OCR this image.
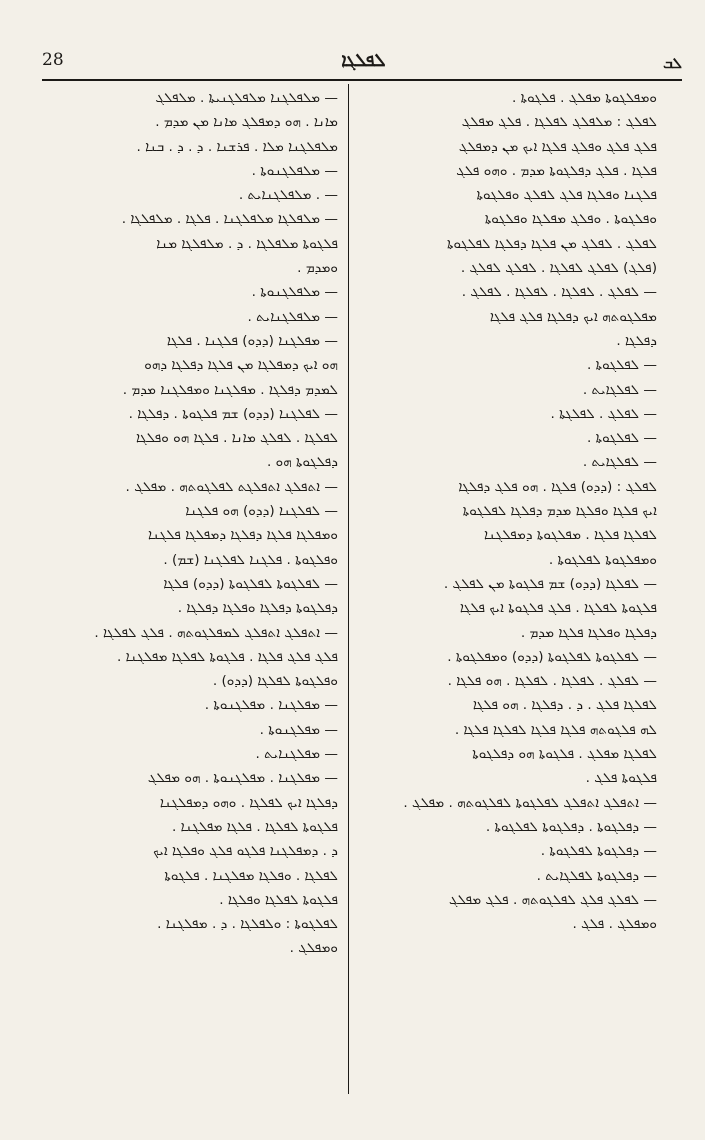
28	ܠܦܠܓܐ	ܠܒ
— ܡܠܦܠܓܢܐ ܡܠܦܠܓܢܝܬܐ . ܡܠܦܠܓ
ܡܐܢܐ . ܗܘ ܕܡܦܠܓ ܡܐܢܐ ܡܢ ܡܕܡ .
ܡܠܦܠܓܢܐ ܡܠܐ . ܦܪܫܢܐ . ܕ . ܕ . ܒܢܐ .
— ܡܠܦܠܓܢܘܬܐ .
— . ܡܠܦܠܓܢܐܝܬ .
— ܡܠܦܠܓܐ ܡܠܦܠܓܢܐ . ܦܠܓܐ . ܡܠܦܠܓܐ .
ܦܠܓܘܬܐ ܡܠܦܠܓܐ . ܕ . ܡܠܦܠܓܐ ܡܢܐ
ܘܡܕܡ .
— ܡܠܦܠܓܢܘܬܐ .
— ܡܠܦܠܓܢܐܝܬ .
— ܡܦܠܓܢܐ (ܕܕܘ) ܦܠܓܢܐ . ܦܠܓܐ
ܗܘ ܐܝܟ ܕܡܦܠܓܐ ܡܢ ܦܠܓܐ ܕܦܠܓܐ ܕܗܘ
ܠܡܕܡ ܕܦܠܓܐ . ܡܦܠܓܢܐ ܘܡܦܠܓܢܐ ܡܕܡ .
— ܠܦܠܓܢܐ (ܕܕܘ) ܫܡ ܦܠܓܘܬܐ . ܕܦܠܓܐ .
ܠܦܠܓܐ . ܠܦܠܓ ܡܐܢܐ . ܦܠܓܐ ܗܘ ܘܦܠܓܐ
ܕܦܠܓܘܬܐ ܗܘ .
— ܐܬܦܠܓ ܐܬܦܠܓܬ ܠܦܠܓܘܬܗ . ܡܦܠܓ .
— ܠܦܠܓܢܐ (ܕܕܘ) ܗܘ ܦܠܓܢܐ
ܘܡܦܠܓܐ ܦܠܓܐ ܕܦܠܓܐ ܕܡܦܠܓܐ ܦܠܓܢܐ
ܘܦܠܓܘܬܐ . ܦܠܓܢܐ ܠܦܠܓܢܐ (ܫܡ) .
— ܠܦܠܓܘܬܐ ܠܦܠܓܘܬܐ (ܕܕܘ) ܦܠܓܐ
ܕܦܠܓܘܬܐ ܕܦܠܓܐ ܘܦܠܓܐ ܕܦܠܓܐ .
— ܐܬܦܠܓ ܐܬܦܠܓ ܠܡܦܠܓܘܬܗ . ܦܠܓ ܠܦܠܓܐ .
ܦܠܓ ܦܠܓ ܦܠܓܐ . ܦܠܓܘܬܐ ܠܦܠܓܐ ܡܦܠܓܢܐ .
ܘܦܠܓܘܬܐ ܠܦܠܓܐ (ܕܕܘ) .
— ܡܦܠܓܢܐ . ܡܦܠܓܢܘܬܐ .
— ܡܦܠܓܢܘܬܐ .
— ܡܦܠܓܢܐܝܬ .
— ܡܦܠܓܢܐ . ܡܦܠܓܢܘܬܐ . ܗܘ ܡܦܠܓ
ܕܦܠܓܐ ܐܝܟ ܠܦܠܓܐ . ܘܗܘ ܕܡܦܠܓܢܐ
ܦܠܓܘܬܐ ܠܦܠܓܐ . ܦܠܓܐ ܡܦܠܓܢܐ .
ܕ . ܕܡܦܠܓܢܐ ܦܠܓܘ ܦܠܓ ܘܦܠܓܐ ܐܝܟ
ܠܦܠܓܐ . ܘܦܠܓܐ ܡܦܠܓܢܐ . ܦܠܓܘܬܐ
ܦܠܓܘܬܐ ܠܦܠܓܐ ܘܦܠܓܐ .
ܠܦܠܓܘܬܐ : ܘܠܦܠܓܐ . ܕ . ܡܦܠܓܢܐ .
ܘܡܦܠܓ .
ܘܡܦܠܓܘܬܐ ܡܦܠܓ . ܦܠܓܘܬܐ .
ܠܦܠܓ : ܡܠܦܠܓ ܠܦܠܓܐ . ܦܠܓ ܡܦܠܓ
ܦܠܓ ܦܠܓ ܘܦܠܓ ܦܠܓܐ ܐܝܟ ܡܢ ܕܡܦܠܓ
ܦܠܓܐ . ܦܠܓ ܕܦܠܓܘܬܐ ܡܕܡ . ܘܗܘ ܦܠܓ
ܦܠܓܢܐ ܘܦܠܓܐ ܦܠܓ ܠܦܠܓ ܘܦܠܓܘܬܐ
ܘܦܠܓܘܬܐ . ܘܦܠܓ ܡܦܠܓܐ ܘܦܠܓܘܬܐ
ܠܦܠܓ . ܠܦܠܓ ܡܢ ܦܠܓܐ ܕܦܠܓܐ ܠܦܠܓܘܬܐ
(ܦܠܓ) ܠܦܠܓ ܠܦܠܓܐ . ܠܦܠܓ ܠܦܠܓ .
— ܠܦܠܓ . ܠܦܠܓܐ . ܠܦܠܓܐ . ܠܦܠܓ .
ܡܦܠܓܘܬܗ ܐܝܟ ܕܦܠܓܐ ܦܠܓ ܦܠܓܐ
ܕܦܠܓܐ .
— ܠܦܠܓܘܬܐ .
— ܠܦܠܓܐܝܬ .
— ܠܦܠܓ . ܠܦܠܓܬܐ .
— ܠܦܠܓܘܬܐ .
— ܠܦܠܓܐܝܬ .
ܠܦܠܓ : (ܕܕܘ) ܦܠܓܐ . ܗܘ ܦܠܓ ܕܦܠܓܐ
ܐܝܟ ܦܠܓܐ ܘܦܠܓܐ ܡܕܡ ܕܦܠܓܐ ܠܦܠܓܘܬܐ
ܠܦܠܓܐ ܦܠܓܐ . ܡܦܠܓܘܬܐ ܕܡܦܠܓܢܐ
ܘܡܦܠܓܘܬܐ ܠܦܠܓܘܬܐ .
— ܠܦܠܓܐ (ܕܕܘ) ܫܡ ܦܠܓܘܬܐ ܡܢ ܠܦܠܓ .
ܦܠܓܘܬܐ ܠܦܠܓܐ . ܦܠܓ ܦܠܓܘܬܐ ܐܝܟ ܦܠܓܐ
ܕܦܠܓܐ ܘܦܠܓܐ ܦܠܓܐ ܡܕܡ .
— ܠܦܠܓܘܬܐ ܠܦܠܓܘܬܐ (ܕܕܘ) ܘܡܦܠܓܘܬܐ .
— ܠܦܠܓ . ܠܦܠܓܐ . ܠܦܠܓܐ . ܗܘ ܦܠܓܐ .
ܠܦܠܓܐ ܦܠܓ . ܕ . ܕܦܠܓܐ . ܗܘ ܦܠܓܐ
ܠܗ ܦܠܓܘܬܗ ܦܠܓܐ ܦܠܓܐ ܠܦܠܓܐ ܦܠܓܐ .
ܠܦܠܓܐ ܡܦܠܓ . ܦܠܓܘܬܐ ܗܘ ܕܦܠܓܘܬܐ
ܦܠܓܘܬܐ ܦܠܓ .
— ܐܬܦܠܓ ܐܬܦܠܓ ܠܦܠܓܘܬܐ ܠܦܠܓܘܬܗ . ܡܦܠܓ .
— ܕܦܠܓܘܬܐ . ܕܦܠܓܘܬܐ ܠܦܠܓܘܬܐ .
— ܕܦܠܓܘܬܐ ܠܦܠܓܘܬܐ .
— ܕܦܠܓܘܬܐ ܠܦܠܓܐܝܬ .
— ܠܦܠܓ ܦܠܓ ܠܦܠܓܘܬܗ . ܦܠܓ ܡܦܠܓ
ܘܡܦܠܓ . ܦܠܓ .
